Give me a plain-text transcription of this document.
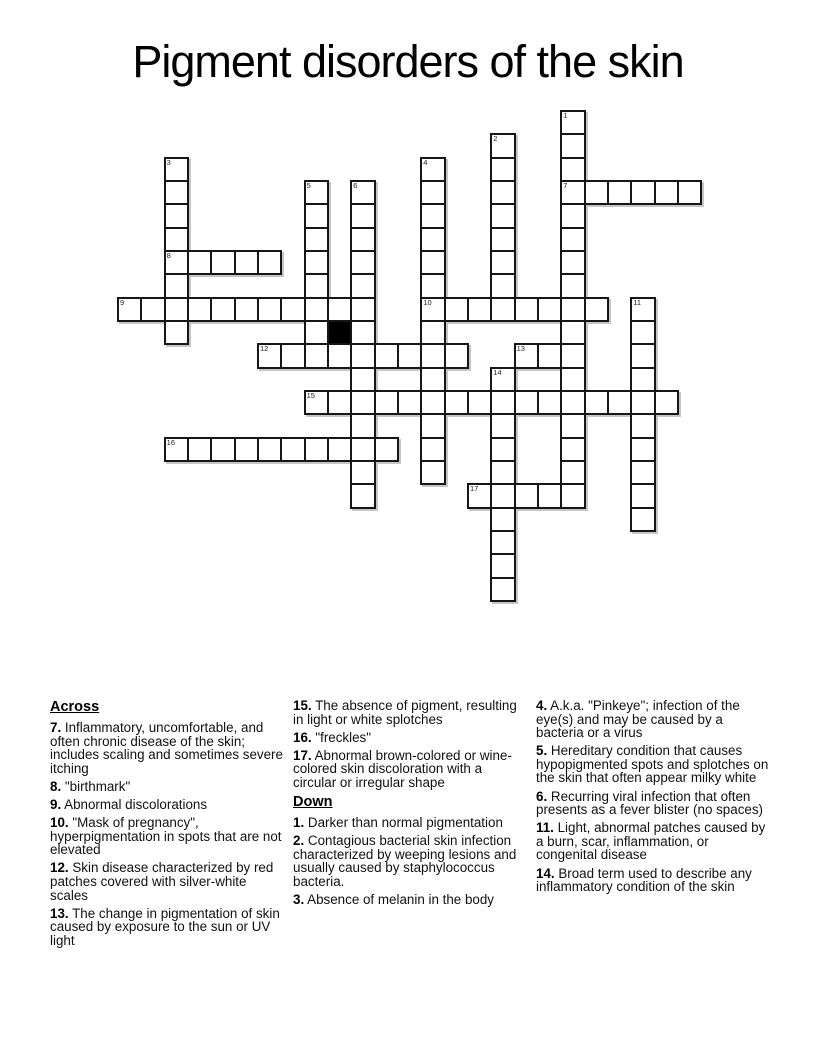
Pigment disorders of the skin
1
2
3	4
5	6	7
8
9	10	11
12	13
14
15
16
17
Across

7. Inflammatory, uncomfortable, and often chronic disease of the skin; includes scaling and sometimes severe itching

8. "birthmark"

9. Abnormal discolorations

10. "Mask of pregnancy", hyperpigmentation in spots that are not elevated

12. Skin disease characterized by red patches covered with silver-white scales

13. The change in pigmentation of skin caused by exposure to the sun or UV light

15. The absence of pigment, resulting in light or white splotches

16. "freckles"

17. Abnormal brown-colored or wine-colored skin discoloration with a circular or irregular shape

Down

1. Darker than normal pigmentation

2. Contagious bacterial skin infection characterized by weeping lesions and usually caused by staphylococcus bacteria.

3. Absence of melanin in the body

4. A.k.a. "Pinkeye"; infection of the eye(s) and may be caused by a bacteria or a virus

5. Hereditary condition that causes hypopigmented spots and splotches on the skin that often appear milky white

6. Recurring viral infection that often presents as a fever blister (no spaces)

11. Light, abnormal patches caused by a burn, scar, inflammation, or congenital disease

14. Broad term used to describe any inflammatory condition of the skin
